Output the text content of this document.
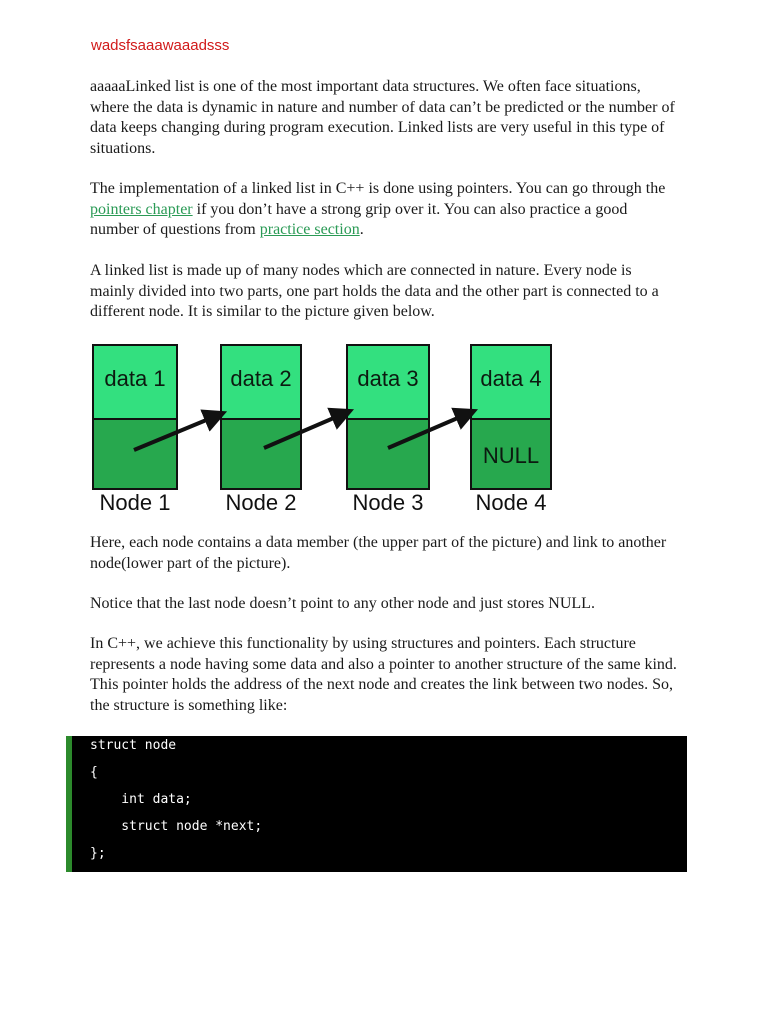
wadsfsaaawaaadsss

aaaaaLinked list is one of the most important data structures. We often face situations, where the data is dynamic in nature and number of data can’t be predicted or the number of data keeps changing during program execution. Linked lists are very useful in this type of situations.

The implementation of a linked list in C++ is done using pointers. You can go through the pointers chapter if you don’t have a strong grip over it. You can also practice a good number of questions from practice section.

A linked list is made up of many nodes which are connected in nature. Every node is mainly divided into two parts, one part holds the data and the other part is connected to a different node. It is similar to the picture given below.

data 1
Node 1
data 2
Node 2
data 3
Node 3
data 4
NULL
Node 4

Here, each node contains a data member (the upper part of the picture) and link to another node(lower part of the picture).

Notice that the last node doesn’t point to any other node and just stores NULL.

In C++, we achieve this functionality by using structures and pointers. Each structure represents a node having some data and also a pointer to another structure of the same kind. This pointer holds the address of the next node and creates the link between two nodes. So, the structure is something like:

struct node
{
int data;
struct node *next;
};
